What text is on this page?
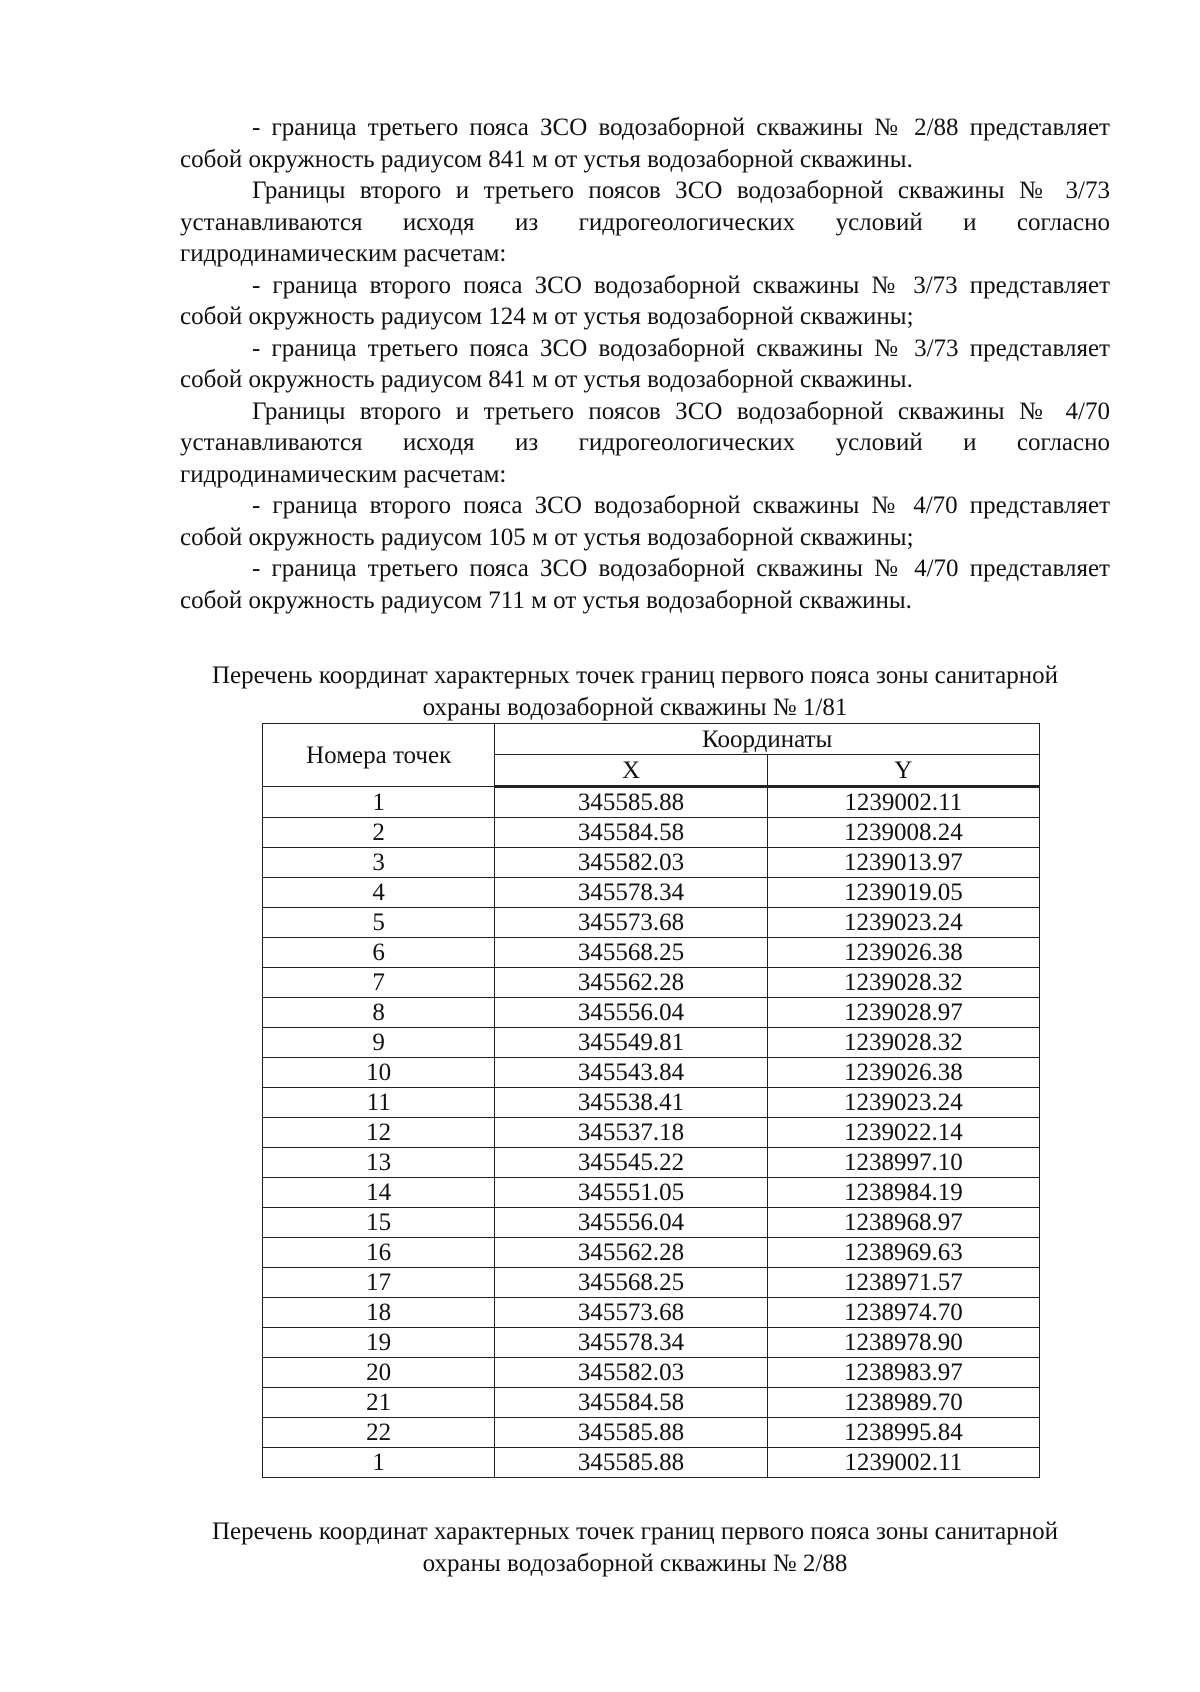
- граница третьего пояса ЗСО водозаборной скважины № 2/88 представляет собой окружность радиусом 841 м от устья водозаборной скважины.

Границы второго и третьего поясов ЗСО водозаборной скважины № 3/73 устанавливаются исходя из гидрогеологических условий и согласно гидродинамическим расчетам:

- граница второго пояса ЗСО водозаборной скважины № 3/73 представляет собой окружность радиусом 124 м от устья водозаборной скважины;

- граница третьего пояса ЗСО водозаборной скважины № 3/73 представляет собой окружность радиусом 841 м от устья водозаборной скважины.

Границы второго и третьего поясов ЗСО водозаборной скважины № 4/70 устанавливаются исходя из гидрогеологических условий и согласно гидродинамическим расчетам:

- граница второго пояса ЗСО водозаборной скважины № 4/70 представляет собой окружность радиусом 105 м от устья водозаборной скважины;

- граница третьего пояса ЗСО водозаборной скважины № 4/70 представляет собой окружность радиусом 711 м от устья водозаборной скважины.

Перечень координат характерных точек границ первого пояса зоны санитарной
охраны водозаборной скважины № 1/81
Номера точек	Координаты	
	X	Y
1	345585.88	1239002.11
2	345584.58	1239008.24
3	345582.03	1239013.97
4	345578.34	1239019.05
5	345573.68	1239023.24
6	345568.25	1239026.38
7	345562.28	1239028.32
8	345556.04	1239028.97
9	345549.81	1239028.32
10	345543.84	1239026.38
11	345538.41	1239023.24
12	345537.18	1239022.14
13	345545.22	1238997.10
14	345551.05	1238984.19
15	345556.04	1238968.97
16	345562.28	1238969.63
17	345568.25	1238971.57
18	345573.68	1238974.70
19	345578.34	1238978.90
20	345582.03	1238983.97
21	345584.58	1238989.70
22	345585.88	1238995.84
1	345585.88	1239002.11
Перечень координат характерных точек границ первого пояса зоны санитарной
охраны водозаборной скважины № 2/88
